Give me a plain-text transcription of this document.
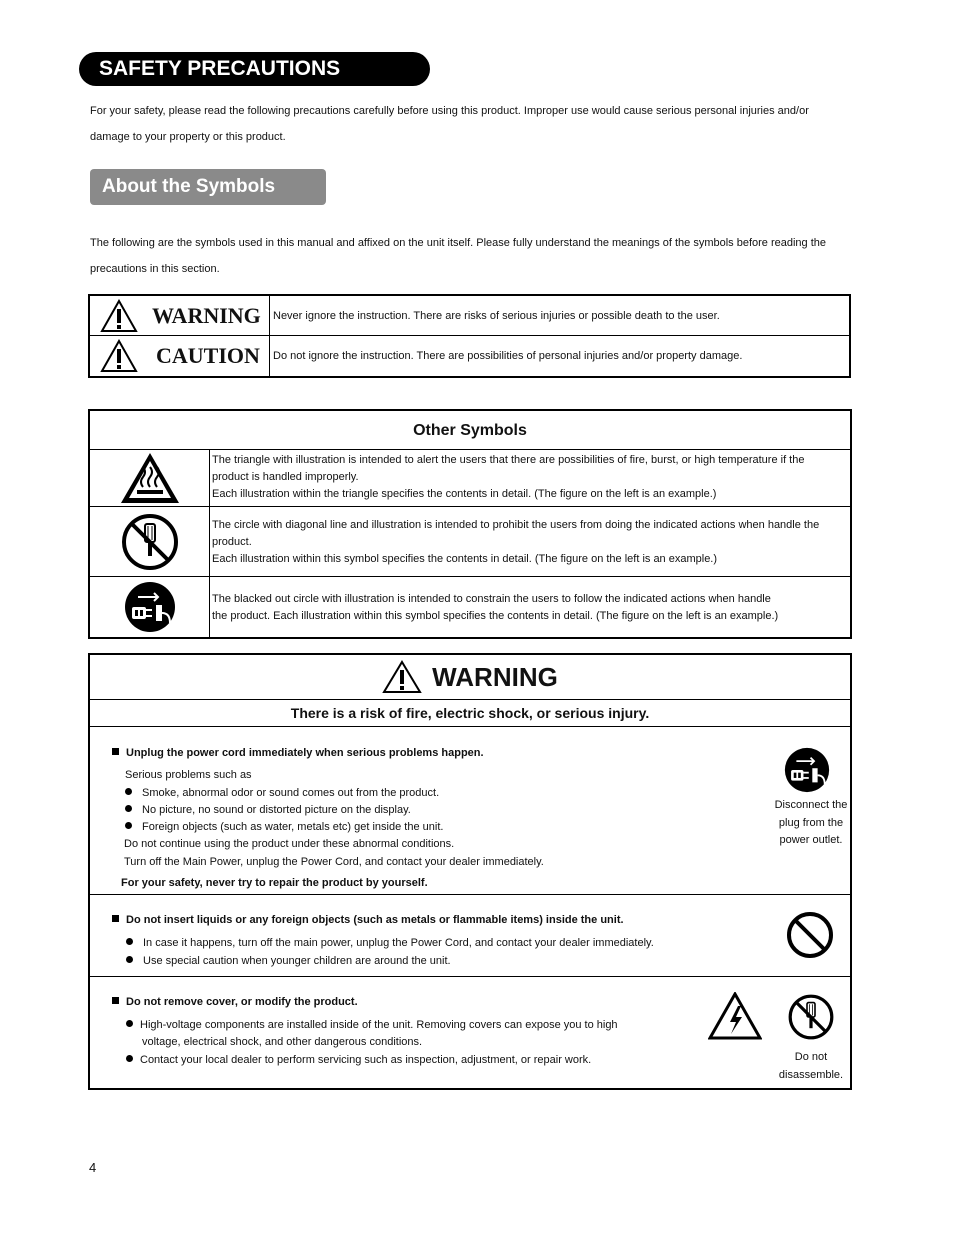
SAFETY PRECAUTIONS
For your safety, please read the following precautions carefully before using this product. Improper use would cause serious personal injuries and/or
damage to your property or this product.
About the Symbols
The following are the symbols used in this manual and affixed on the unit itself. Please fully understand the meanings of the symbols before reading the
precautions in this section.
WARNING Never ignore the instruction. There are risks of serious injuries or possible death to the user.
CAUTION Do not ignore the instruction. There are possibilities of personal injuries and/or property damage.
Other Symbols
The triangle with illustration is intended to alert the users that there are possibilities of fire, burst, or high temperature if the
product is handled improperly.
Each illustration within the triangle specifies the contents in detail. (The figure on the left is an example.)
The circle with diagonal line and illustration is intended to prohibit the users from doing the indicated actions when handle the
product.
Each illustration within this symbol specifies the contents in detail. (The figure on the left is an example.)
The blacked out circle with illustration is intended to constrain the users to follow the indicated actions when handle
the product. Each illustration within this symbol specifies the contents in detail. (The figure on the left is an example.)
WARNING
There is a risk of fire, electric shock, or serious injury.
Unplug the power cord immediately when serious problems happen.
Serious problems such as
Smoke, abnormal odor or sound comes out from the product.
No picture, no sound or distorted picture on the display.
Foreign objects (such as water, metals etc) get inside the unit.
Do not continue using the product under these abnormal conditions.
Turn off the Main Power, unplug the Power Cord, and contact your dealer immediately.
For your safety, never try to repair the product by yourself.
Disconnect the
plug from the
power outlet.
Do not insert liquids or any foreign objects (such as metals or flammable items) inside the unit.
In case it happens, turn off the main power, unplug the Power Cord, and contact your dealer immediately.
Use special caution when younger children are around the unit.
Do not remove cover, or modify the product.
High-voltage components are installed inside of the unit. Removing covers can expose you to high
voltage, electrical shock, and other dangerous conditions.
Contact your local dealer to perform servicing such as inspection, adjustment, or repair work.	Do not
disassemble.
4
